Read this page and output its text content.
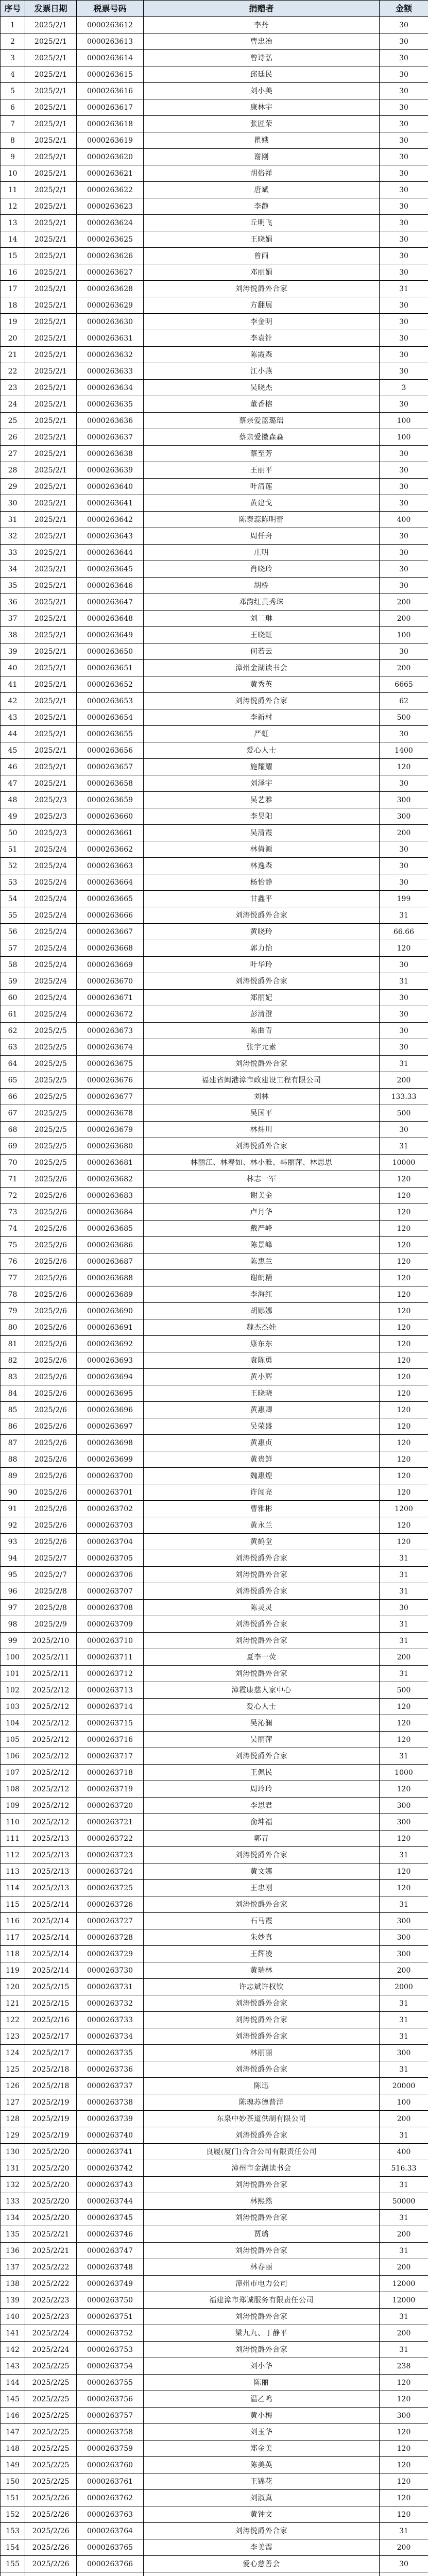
序号	发票日期	税票号码	捐赠者	金额
1	2025/2/1	0000263612	李丹	30
2	2025/2/1	0000263613	曹忠冶	30
3	2025/2/1	0000263614	曾诗弘	30
4	2025/2/1	0000263615	邱廷民	30
5	2025/2/1	0000263616	刘小美	30
6	2025/2/1	0000263617	康林宇	30
7	2025/2/1	0000263618	张匠荣	30
8	2025/2/1	0000263619	瞿娥	30
9	2025/2/1	0000263620	谢刚	30
10	2025/2/1	0000263621	胡俗祥	30
11	2025/2/1	0000263622	唐斌	30
12	2025/2/1	0000263623	李静	30
13	2025/2/1	0000263624	丘明飞	30
14	2025/2/1	0000263625	王晓娟	30
15	2025/2/1	0000263626	曾雨	30
16	2025/2/1	0000263627	邓丽娟	30
17	2025/2/1	0000263628	刘涛悦爵外合家	31
18	2025/2/1	0000263629	方翻展	30
19	2025/2/1	0000263630	李金明	30
20	2025/2/1	0000263631	李袁针	30
21	2025/2/1	0000263632	陈霞森	30
22	2025/2/1	0000263633	江小燕	30
23	2025/2/1	0000263634	吴晓杰	3
24	2025/2/1	0000263635	董香榕	30
25	2025/2/1	0000263636	蔡亲爱蓝璐瑶	100
26	2025/2/1	0000263637	蔡亲爱擞森淼	100
27	2025/2/1	0000263638	蔡至芳	30
28	2025/2/1	0000263639	王丽平	30
29	2025/2/1	0000263640	叶清莲	30
30	2025/2/1	0000263641	黄建戈	30
31	2025/2/1	0000263642	陈泰蕊陈明蕾	400
32	2025/2/1	0000263643	周仟舟	30
33	2025/2/1	0000263644	庄明	30
34	2025/2/1	0000263645	肖晓玲	30
35	2025/2/1	0000263646	胡桥	30
36	2025/2/1	0000263647	邓韵红黄秀珠	200
37	2025/2/1	0000263648	刘二琳	200
38	2025/2/1	0000263649	王晓虹	100
39	2025/2/1	0000263650	何若云	30
40	2025/2/1	0000263651	漳州金湖读书会	200
41	2025/2/1	0000263652	黄秀英	6665
42	2025/2/1	0000263653	刘涛悦爵外合家	62
43	2025/2/1	0000263654	李新村	500
44	2025/2/1	0000263655	严虹	30
45	2025/2/1	0000263656	爱心人士	1400
46	2025/2/1	0000263657	施耀耀	120
47	2025/2/1	0000263658	刘泽宇	30
48	2025/2/3	0000263659	吴艺雅	300
49	2025/2/3	0000263660	李昊阳	300
50	2025/2/3	0000263661	吴清霞	200
51	2025/2/4	0000263662	林倚源	30
52	2025/2/4	0000263663	林逸森	30
53	2025/2/4	0000263664	杨怡静	30
54	2025/2/4	0000263665	甘鑫平	199
55	2025/2/4	0000263666	刘涛悦爵外合家	31
56	2025/2/4	0000263667	黄晓玲	66.66
57	2025/2/4	0000263668	郭力怡	120
58	2025/2/4	0000263669	叶华玲	30
59	2025/2/4	0000263670	刘涛悦爵外合家	31
60	2025/2/4	0000263671	郑丽妃	30
61	2025/2/4	0000263672	彭清澄	30
62	2025/2/5	0000263673	陈曲青	30
63	2025/2/5	0000263674	张宇元素	30
64	2025/2/5	0000263675	刘涛悦爵外合家	31
65	2025/2/5	0000263676	福建省闽港漳市政建设工程有限公司	200
66	2025/2/5	0000263677	刘林	133.33
67	2025/2/5	0000263678	吴国平	500
68	2025/2/5	0000263679	林炜川	30
69	2025/2/5	0000263680	刘涛悦爵外合家	31
70	2025/2/5	0000263681	林丽江、林春如、林小雅、韩丽萍、林思思	10000
71	2025/2/6	0000263682	林志一军	120
72	2025/2/6	0000263683	谢美金	120
73	2025/2/6	0000263684	卢月华	120
74	2025/2/6	0000263685	戴严峰	120
75	2025/2/6	0000263686	陈景峰	120
76	2025/2/6	0000263687	陈惠兰	120
77	2025/2/6	0000263688	谢朗精	120
78	2025/2/6	0000263689	李海红	120
79	2025/2/6	0000263690	胡娜娜	120
80	2025/2/6	0000263691	魏杰杰娃	120
81	2025/2/6	0000263692	康东东	120
82	2025/2/6	0000263693	袁陈勇	120
83	2025/2/6	0000263694	黄小辉	120
84	2025/2/6	0000263695	王晓晓	120
85	2025/2/6	0000263696	黄惠卿	120
86	2025/2/6	0000263697	吴荣盛	120
87	2025/2/6	0000263698	黄惠贞	120
88	2025/2/6	0000263699	黄贵鲜	120
89	2025/2/6	0000263700	魏惠煌	120
90	2025/2/6	0000263701	许闯亮	120
91	2025/2/6	0000263702	曹雅彬	1200
92	2025/2/6	0000263703	黄永兰	120
93	2025/2/6	0000263704	黄鹤堂	120
94	2025/2/7	0000263705	刘涛悦爵外合家	31
95	2025/2/7	0000263706	刘涛悦爵外合家	31
96	2025/2/8	0000263707	刘涛悦爵外合家	31
97	2025/2/8	0000263708	陈灵灵	30
98	2025/2/9	0000263709	刘涛悦爵外合家	31
99	2025/2/10	0000263710	刘涛悦爵外合家	31
100	2025/2/11	0000263711	夏李一荧	200
101	2025/2/11	0000263712	刘涛悦爵外合家	31
102	2025/2/12	0000263713	漳霞康慈人家中心	500
103	2025/2/12	0000263714	爱心人士	120
104	2025/2/12	0000263715	吴沁澜	120
105	2025/2/12	0000263716	吴丽萍	120
106	2025/2/12	0000263717	刘涛悦爵外合家	31
107	2025/2/12	0000263718	王佩民	1000
108	2025/2/12	0000263719	周玲玲	120
109	2025/2/12	0000263720	李思君	300
110	2025/2/12	0000263721	俞坤福	300
111	2025/2/13	0000263722	郭青	120
112	2025/2/13	0000263723	刘涛悦爵外合家	31
113	2025/2/13	0000263724	黄文娜	120
114	2025/2/13	0000263725	王忠刚	120
115	2025/2/14	0000263726	刘涛悦爵外合家	31
116	2025/2/14	0000263727	石马霞	300
117	2025/2/14	0000263728	朱妙真	300
118	2025/2/14	0000263729	王辉凌	300
119	2025/2/14	0000263730	黄瑞林	200
120	2025/2/15	0000263731	许志斌许权钦	2000
121	2025/2/15	0000263732	刘涛悦爵外合家	31
122	2025/2/16	0000263733	刘涛悦爵外合家	31
123	2025/2/17	0000263734	刘涛悦爵外合家	31
124	2025/2/17	0000263735	林丽丽	300
125	2025/2/18	0000263736	刘涛悦爵外合家	31
126	2025/2/18	0000263737	陈迅	20000
127	2025/2/19	0000263738	陈瑰苏德普洋	100
128	2025/2/19	0000263739	东泉中妙茶道供制有限公司	200
129	2025/2/19	0000263740	刘涛悦爵外合家	31
130	2025/2/20	0000263741	良履(厦门)合合公司有限责任公司	400
131	2025/2/20	0000263742	漳州市金湖读书会	516.33
132	2025/2/20	0000263743	刘涛悦爵外合家	31
133	2025/2/20	0000263744	林熙然	50000
134	2025/2/20	0000263745	刘涛悦爵外合家	31
135	2025/2/21	0000263746	贾璐	200
136	2025/2/21	0000263747	刘涛悦爵外合家	31
137	2025/2/22	0000263748	林春丽	200
138	2025/2/22	0000263749	漳州市电力公司	12000
139	2025/2/23	0000263750	福建漳市郑诚服务有限责任公司	12000
140	2025/2/23	0000263751	刘涛悦爵外合家	31
141	2025/2/24	0000263752	梁九九、丁静平	200
142	2025/2/24	0000263753	刘涛悦爵外合家	31
143	2025/2/25	0000263754	刘小华	238
144	2025/2/25	0000263755	陈丽	120
145	2025/2/25	0000263756	温乙鸣	120
146	2025/2/25	0000263757	黄小梅	300
147	2025/2/25	0000263758	刘玉华	120
148	2025/2/25	0000263759	郑金美	120
149	2025/2/25	0000263760	陈美英	120
150	2025/2/25	0000263761	王锦花	120
151	2025/2/26	0000263762	刘淑真	120
152	2025/2/26	0000263763	黄钟文	120
153	2025/2/26	0000263764	刘涛悦爵外合家	31
154	2025/2/26	0000263765	李美霞	200
155	2025/2/26	0000263766	爱心慈善会	30
